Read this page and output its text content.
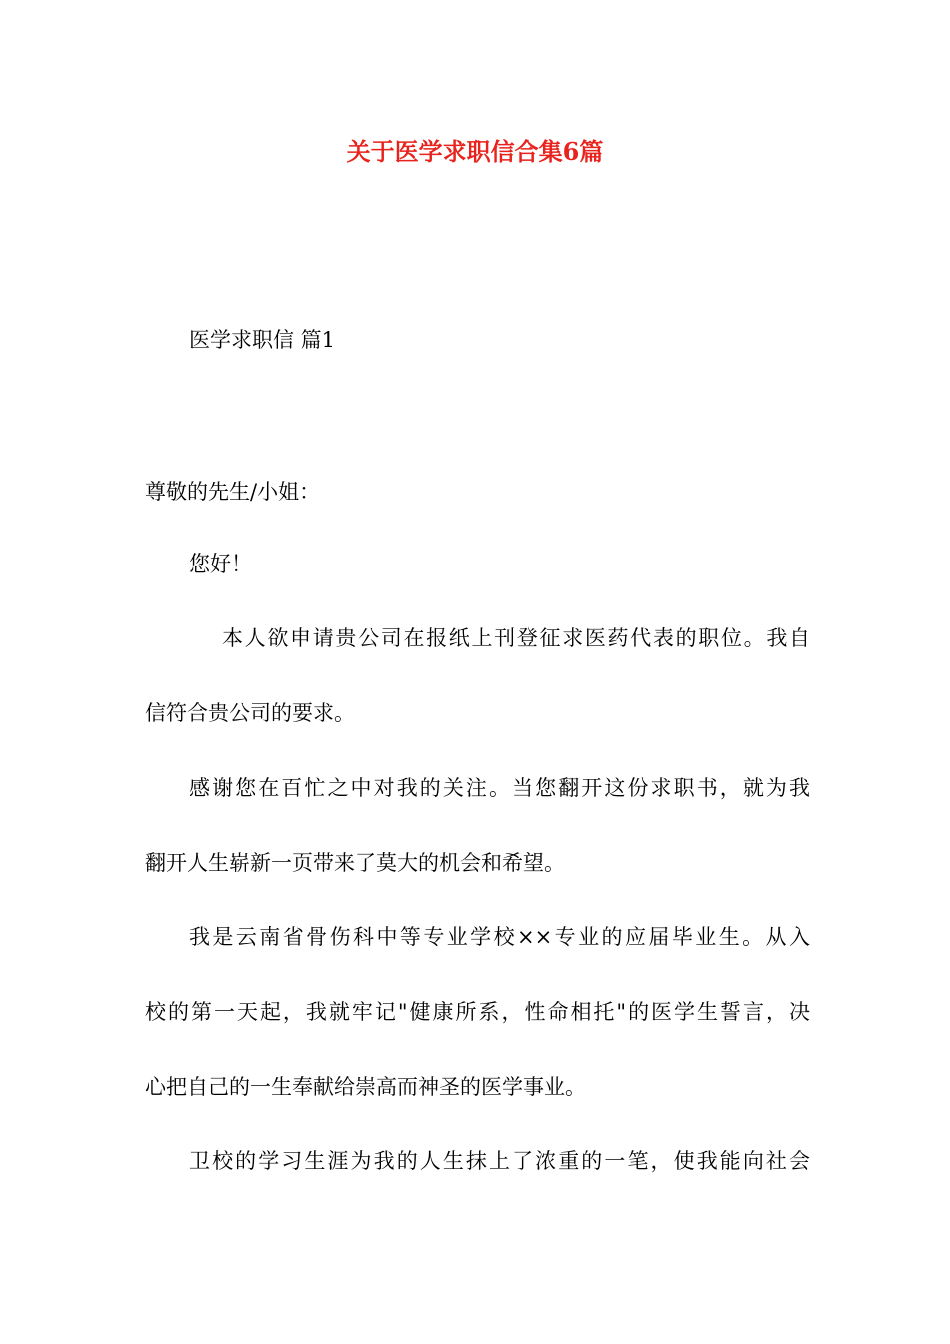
关于医学求职信合集6篇
医学求职信 篇1
尊敬的先生/小姐：
您好！
本人欲申请贵公司在报纸上刊登征求医药代表的职位。我自
信符合贵公司的要求。
感谢您在百忙之中对我的关注。当您翻开这份求职书，就为我
翻开人生崭新一页带来了莫大的机会和希望。
我是云南省骨伤科中等专业学校××专业的应届毕业生。从入
校的第一天起，我就牢记"健康所系，性命相托"的医学生誓言，决
心把自己的一生奉献给崇高而神圣的医学事业。
卫校的学习生涯为我的人生抹上了浓重的一笔，使我能向社会
